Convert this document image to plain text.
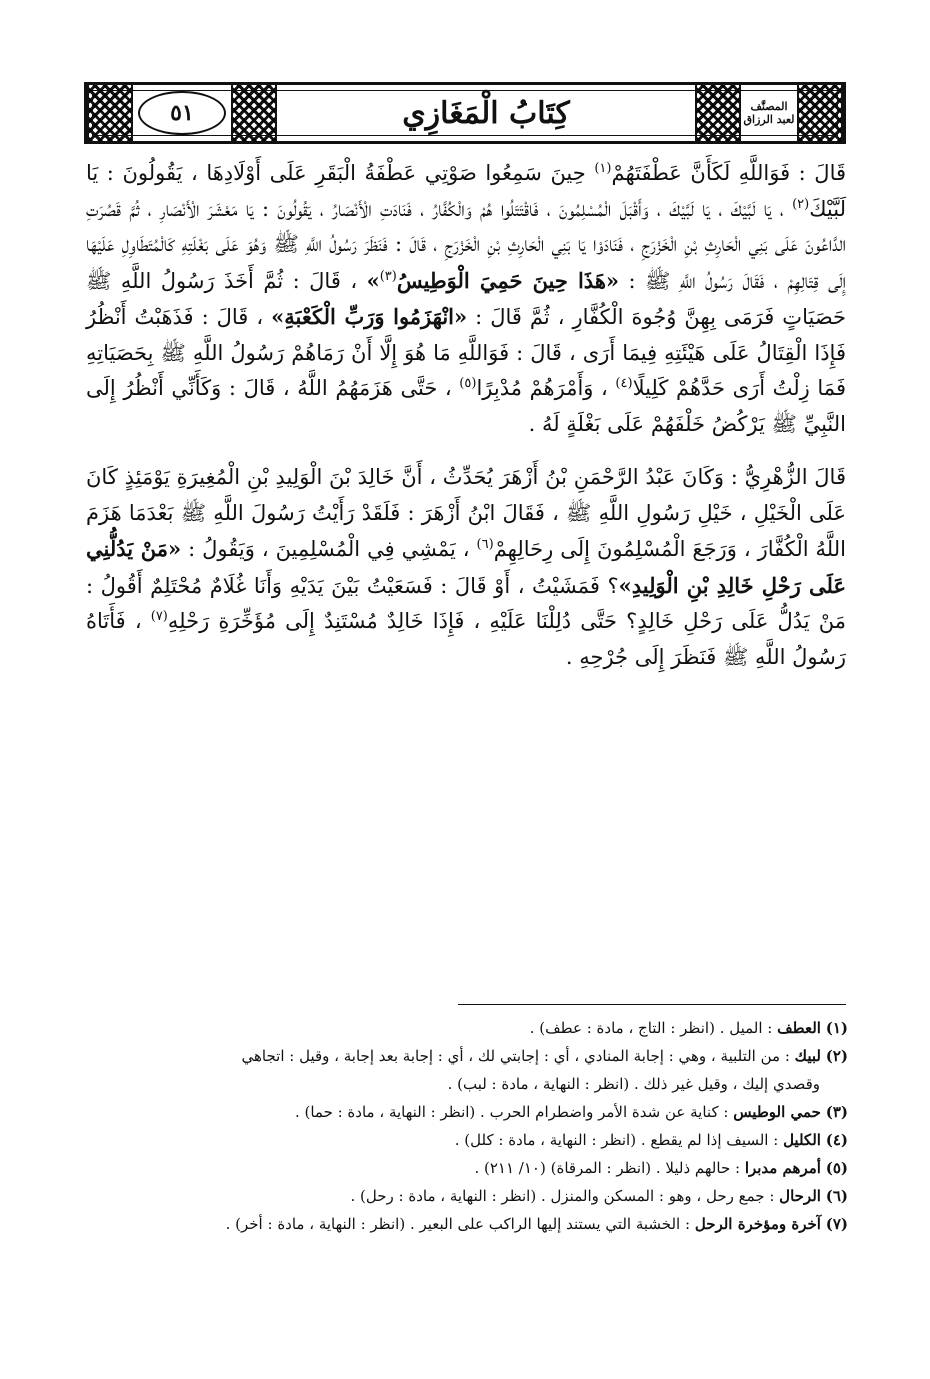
المصنَّف
لعبد الرزاق
كِتَابُ الْمَغَازِي
٥١

قَالَ : فَوَاللَّهِ لَكَأَنَّ عَطْفَتَهُمْ$^{(١)}$ حِينَ سَمِعُوا صَوْتِي عَطْفَةُ الْبَقَرِ عَلَى أَوْلَادِهَا ، يَقُولُونَ : يَا لَبَّيْكَ$^{(٢)}$ ، يَا لَبَّيْكَ ، يَا لَبَّيْكَ ، وَأَقْبَلَ الْمُسْلِمُونَ ، فَاقْتَتَلُوا هُمْ وَالْكُفَّارُ ، فَنَادَتِ الْأَنْصَارُ ، يَقُولُونَ : يَا مَعْشَرَ الْأَنْصَارِ ، ثُمَّ قَصُرَتِ الدَّاعُونَ عَلَى بَنِي الْحَارِثِ بْنِ الْخَزْرَجِ ، فَنَادَوْا يَا بَنِي الْحَارِثِ بْنِ الْخَزْرَجِ ، قَالَ : فَنَظَرَ رَسُولُ اللَّهِ ﷺ وَهُوَ عَلَى بَغْلَتِهِ كَالْمُتَطَاوِلِ عَلَيْهَا إِلَى قِتَالِهِمْ ، فَقَالَ رَسُولُ اللَّهِ ﷺ : «هَذَا حِينَ حَمِيَ الْوَطِيسُ$^{(٣)}$» ، قَالَ : ثُمَّ أَخَذَ رَسُولُ اللَّهِ ﷺ حَصَيَاتٍ فَرَمَى بِهِنَّ وُجُوهَ الْكُفَّارِ ، ثُمَّ قَالَ : «انْهَزَمُوا وَرَبِّ الْكَعْبَةِ» ، قَالَ : فَذَهَبْتُ أَنْظُرُ فَإِذَا الْقِتَالُ عَلَى هَيْئَتِهِ فِيمَا أَرَى ، قَالَ : فَوَاللَّهِ مَا هُوَ إِلَّا أَنْ رَمَاهُمْ رَسُولُ اللَّهِ ﷺ بِحَصَيَاتِهِ فَمَا زِلْتُ أَرَى حَدَّهُمْ كَلِيلًا$^{(٤)}$ ، وَأَمْرَهُمْ مُدْبِرًا$^{(٥)}$ ، حَتَّى هَزَمَهُمُ اللَّهُ ، قَالَ : وَكَأَنِّي أَنْظُرُ إِلَى النَّبِيِّ ﷺ يَرْكُضُ خَلْفَهُمْ عَلَى بَغْلَةٍ لَهُ .

قَالَ الزُّهْرِيُّ : وَكَانَ عَبْدُ الرَّحْمَنِ بْنُ أَزْهَرَ يُحَدِّثُ ، أَنَّ خَالِدَ بْنَ الْوَلِيدِ بْنِ الْمُغِيرَةِ يَوْمَئِذٍ كَانَ عَلَى الْخَيْلِ ، خَيْلِ رَسُولِ اللَّهِ ﷺ ، فَقَالَ ابْنُ أَزْهَرَ : فَلَقَدْ رَأَيْتُ رَسُولَ اللَّهِ ﷺ بَعْدَمَا هَزَمَ اللَّهُ الْكُفَّارَ ، وَرَجَعَ الْمُسْلِمُونَ إِلَى رِحَالِهِمْ$^{(٦)}$ ، يَمْشِي فِي الْمُسْلِمِينَ ، وَيَقُولُ : «مَنْ يَدُلُّنِي عَلَى رَحْلِ خَالِدِ بْنِ الْوَلِيدِ»؟ فَمَشَيْتُ ، أَوْ قَالَ : فَسَعَيْتُ بَيْنَ يَدَيْهِ وَأَنَا غُلَامٌ مُحْتَلِمٌ أَقُولُ : مَنْ يَدُلُّ عَلَى رَحْلِ خَالِدٍ؟ حَتَّى دُلِلْنَا عَلَيْهِ ، فَإِذَا خَالِدٌ مُسْتَنِدٌ إِلَى مُؤَخِّرَةِ رَحْلِهِ$^{(٧)}$ ، فَأَتَاهُ رَسُولُ اللَّهِ ﷺ فَنَظَرَ إِلَى جُرْحِهِ .

(١) العطف : الميل . (انظر : التاج ، مادة : عطف) .

(٢) لبيك : من التلبية ، وهي : إجابة المنادي ، أي : إجابتي لك ، أي : إجابة بعد إجابة ، وقيل : اتجاهي

وقصدي إليك ، وقيل غير ذلك . (انظر : النهاية ، مادة : لبب) .

(٣) حمي الوطيس : كناية عن شدة الأمر واضطرام الحرب . (انظر : النهاية ، مادة : حما) .

(٤) الكليل : السيف إذا لم يقطع . (انظر : النهاية ، مادة : كلل) .

(٥) أمرهم مدبرا : حالهم ذليلا . (انظر : المرقاة) (١٠/ ٢١١) .

(٦) الرحال : جمع رحل ، وهو : المسكن والمنزل . (انظر : النهاية ، مادة : رحل) .

(٧) آخرة ومؤخرة الرحل : الخشبة التي يستند إليها الراكب على البعير . (انظر : النهاية ، مادة : أخر) .
